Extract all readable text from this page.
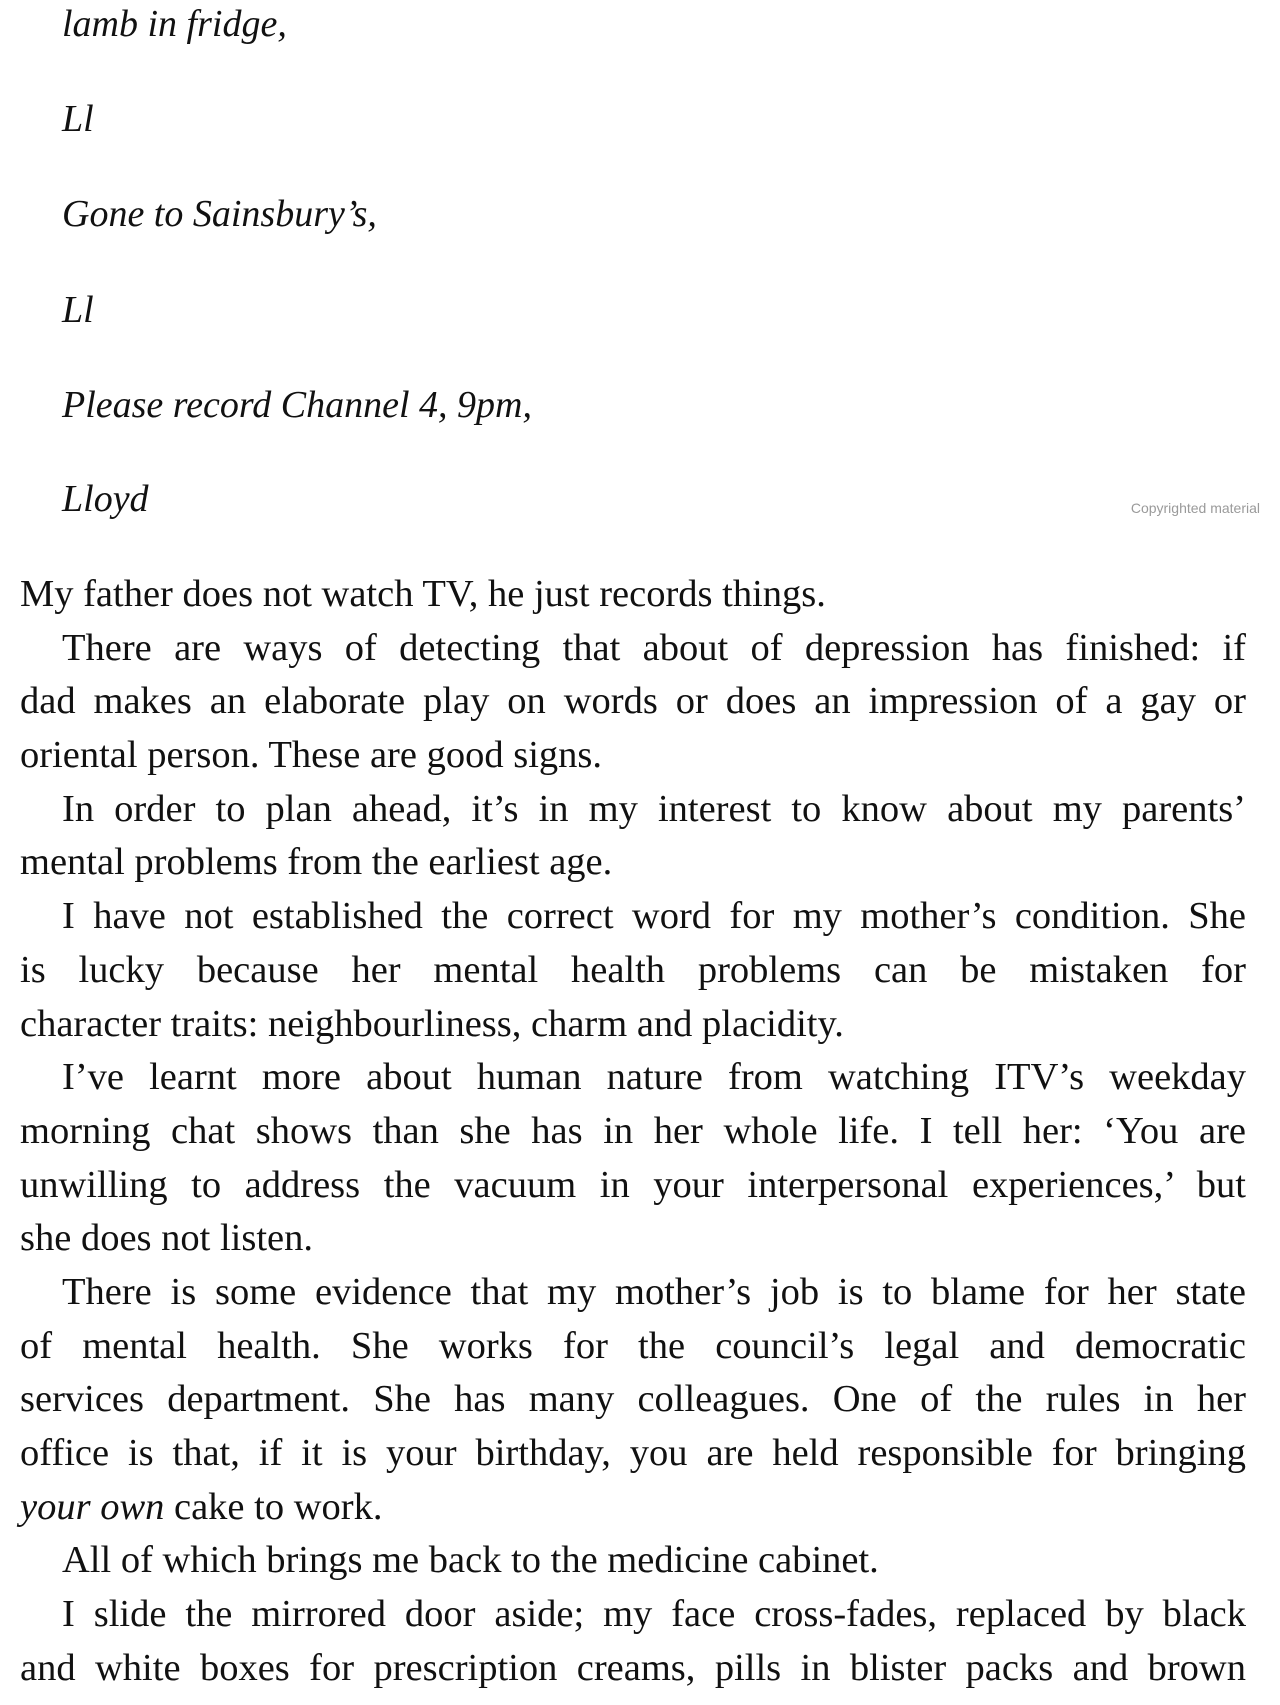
lamb in fridge,
Ll
Gone to Sainsbury’s,
Ll
Please record Channel 4, 9pm,
Lloyd
My father does not watch TV, he just records things.
There are ways of detecting that about of depression has finished: if
dad makes an elaborate play on words or does an impression of a gay or
oriental person. These are good signs.
In order to plan ahead, it’s in my interest to know about my parents’
mental problems from the earliest age.
I have not established the correct word for my mother’s condition. She
is lucky because her mental health problems can be mistaken for
character traits: neighbourliness, charm and placidity.
I’ve learnt more about human nature from watching ITV’s weekday
morning chat shows than she has in her whole life. I tell her: ‘You are
unwilling to address the vacuum in your interpersonal experiences,’ but
she does not listen.
There is some evidence that my mother’s job is to blame for her state
of mental health. She works for the council’s legal and democratic
services department. She has many colleagues. One of the rules in her
office is that, if it is your birthday, you are held responsible for bringing
your own cake to work.
All of which brings me back to the medicine cabinet.
I slide the mirrored door aside; my face cross-fades, replaced by black
and white boxes for prescription creams, pills in blister packs and brown
Copyrighted material
